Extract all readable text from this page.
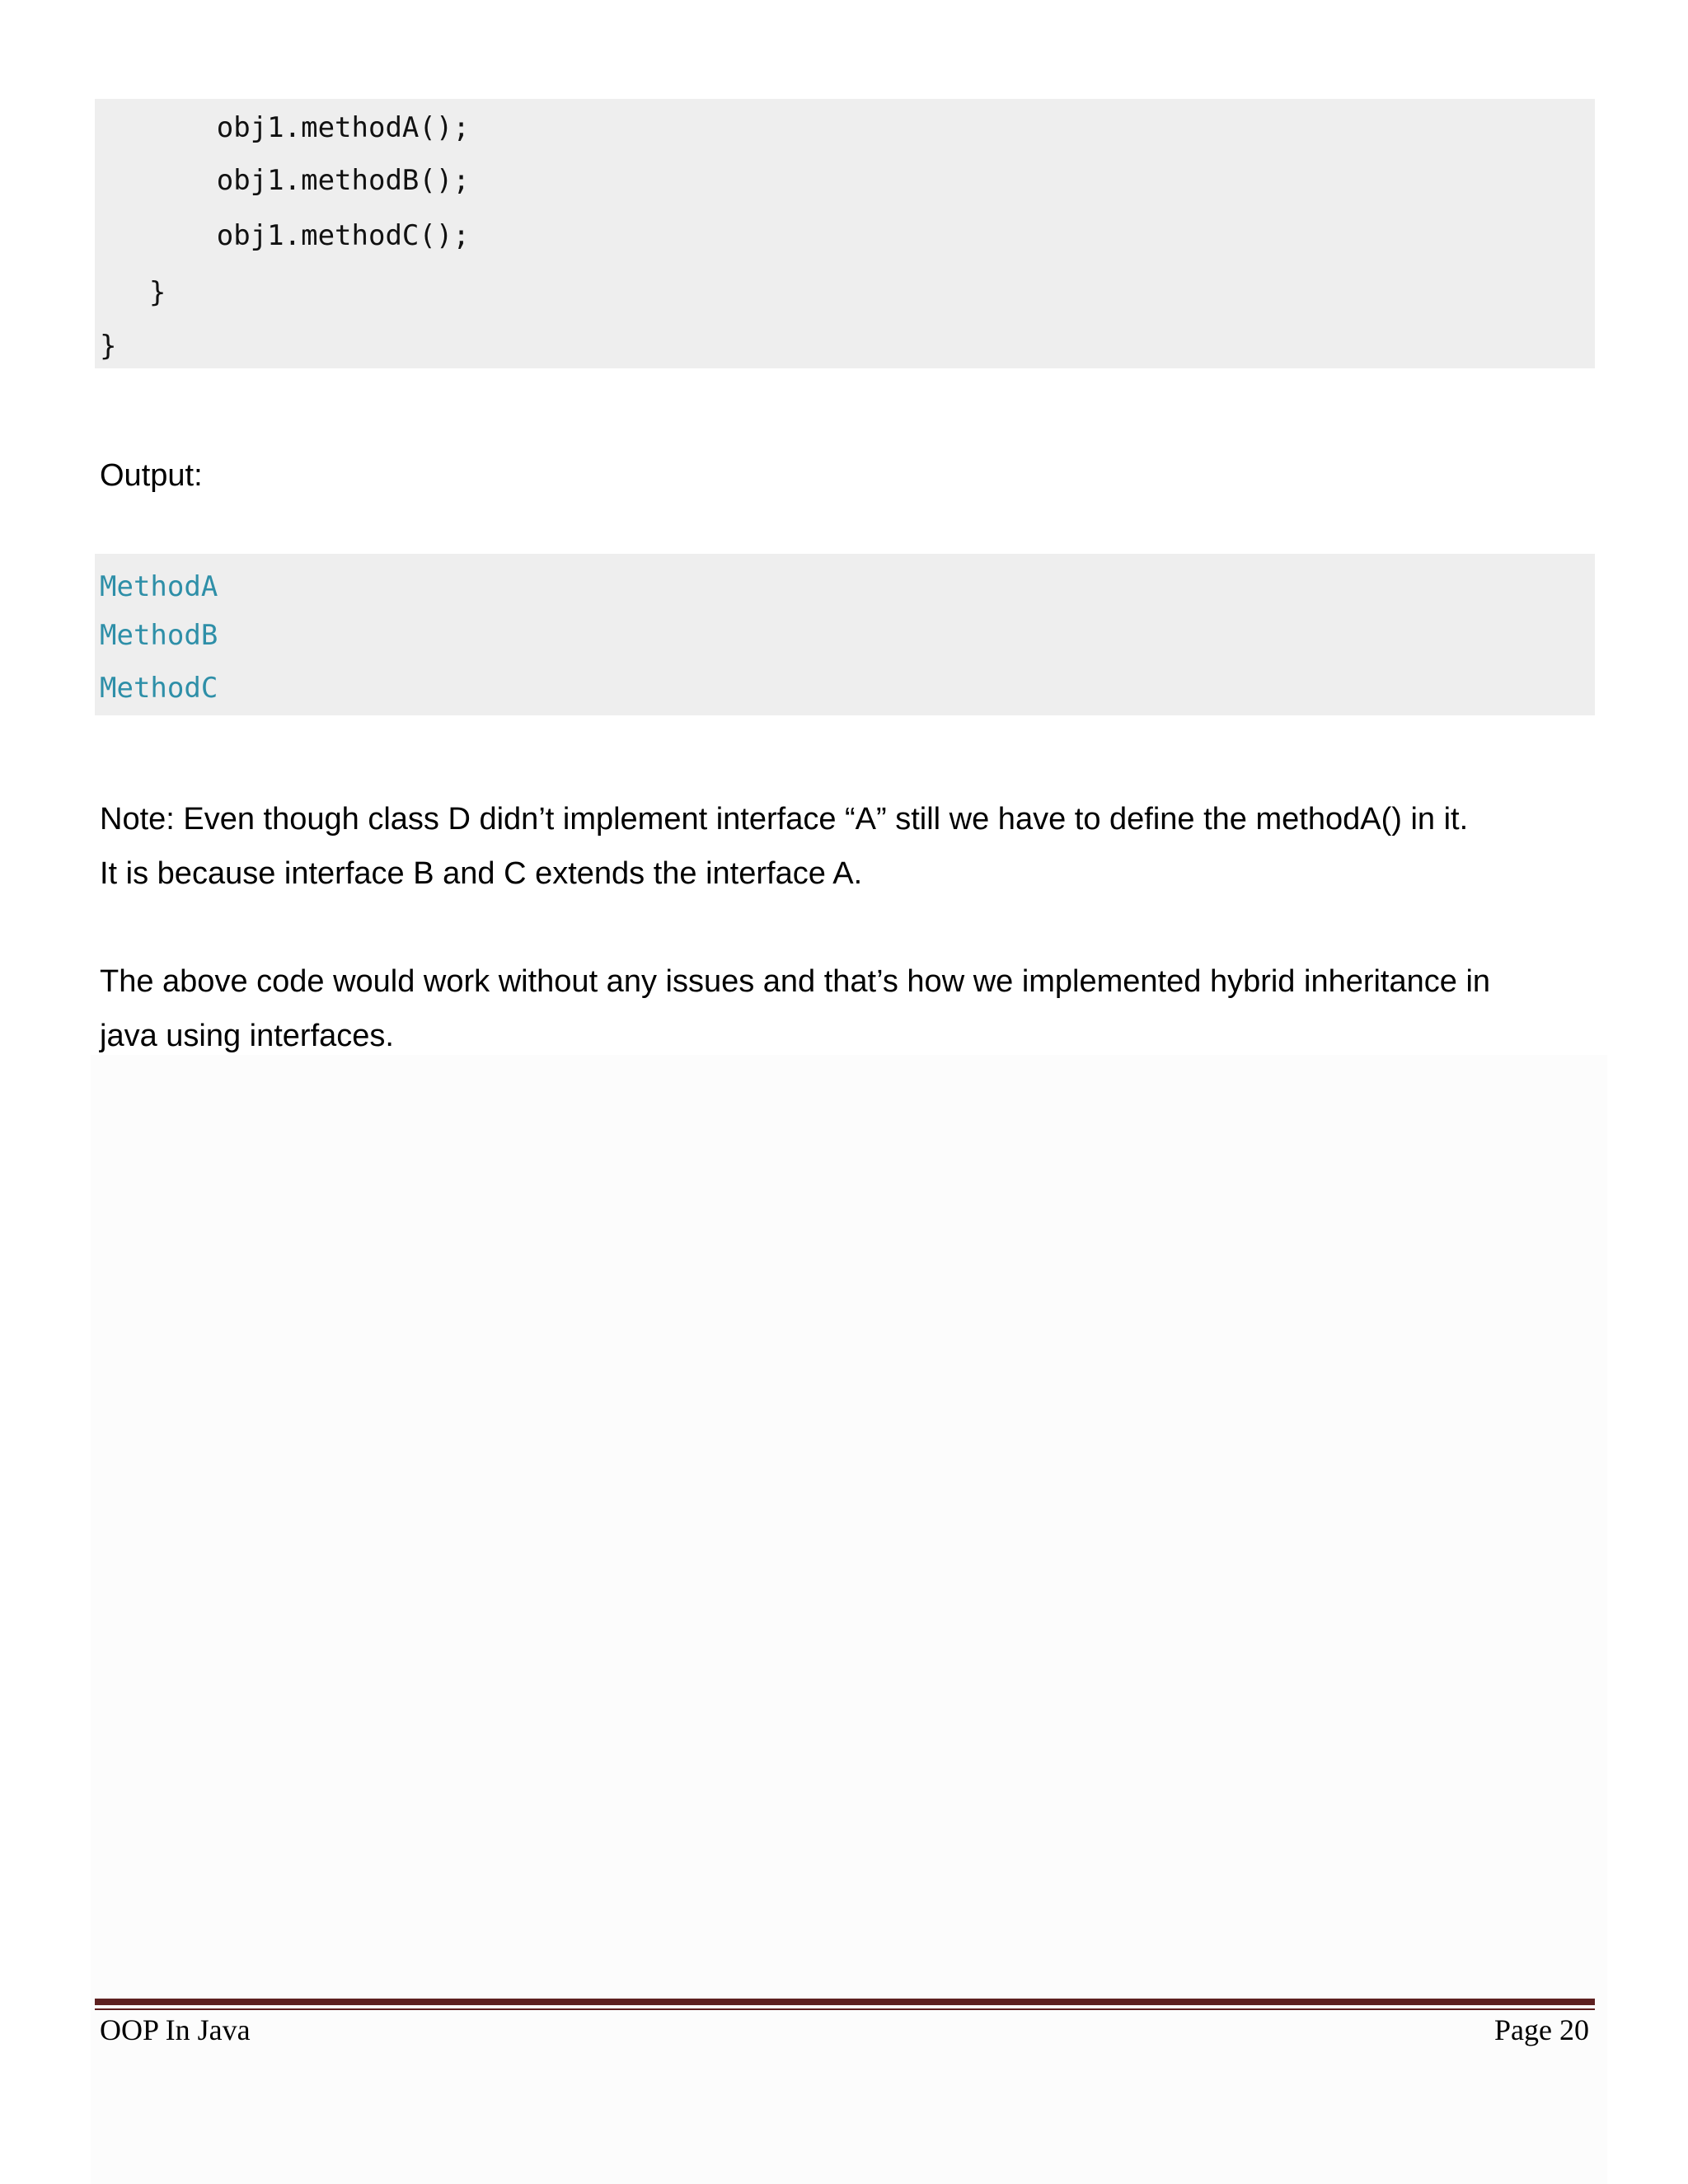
obj1.methodA();
obj1.methodB();
obj1.methodC();
}
}
Output:
MethodA
MethodB
MethodC
Note: Even though class D didn’t implement interface “A” still we have to define the methodA() in it.
It is because interface B and C extends the interface A.
The above code would work without any issues and that’s how we implemented hybrid inheritance in
java using interfaces.
OOP In Java	Page 20
